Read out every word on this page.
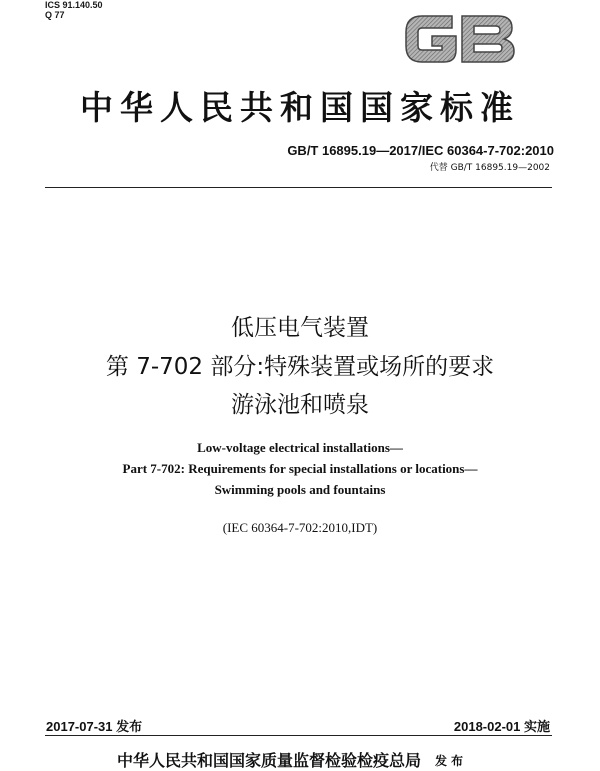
ICS 91.140.50
Q 77
中华人民共和国国家标准
GB/T 16895.19—2017/IEC 60364-7-702:2010
代替 GB/T 16895.19—2002
低压电气装置
第 7-702 部分:特殊装置或场所的要求
游泳池和喷泉
Low-voltage electrical installations—
Part 7-702: Requirements for special installations or locations—
Swimming pools and fountains
(IEC 60364-7-702:2010,IDT)
2017-07-31 发布	2018-02-01 实施
中华人民共和国国家质量监督检验检疫总局 发布
